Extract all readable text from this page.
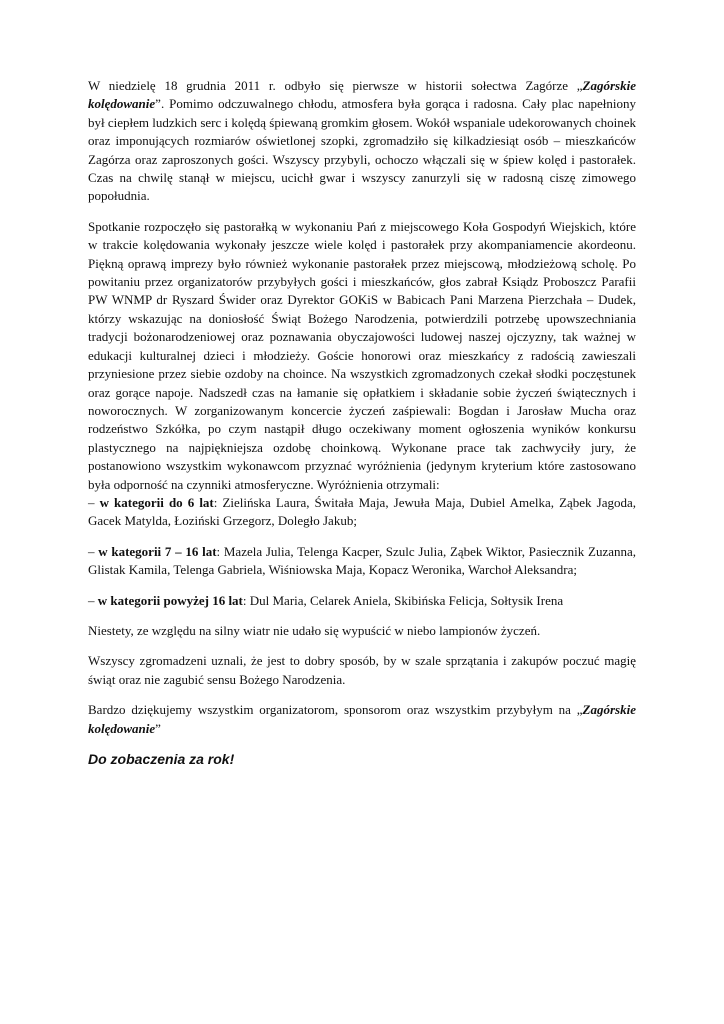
W niedzielę 18 grudnia 2011 r. odbyło się pierwsze w historii sołectwa Zagórze „Zagórskie kolędowanie”. Pomimo odczuwalnego chłodu, atmosfera była gorąca i radosna. Cały plac napełniony był ciepłem ludzkich serc i kolędą śpiewaną gromkim głosem. Wokół wspaniale udekorowanych choinek oraz imponujących rozmiarów oświetlonej szopki, zgromadziło się kilkadziesiąt osób – mieszkańców Zagórza oraz zaproszonych gości. Wszyscy przybyli, ochoczo włączali się w śpiew kolęd i pastorałek. Czas na chwilę stanął w miejscu, ucichł gwar i wszyscy zanurzyli się w radosną ciszę zimowego popołudnia.

Spotkanie rozpoczęło się pastorałką w wykonaniu Pań z miejscowego Koła Gospodyń Wiejskich, które w trakcie kolędowania wykonały jeszcze wiele kolęd i pastorałek przy akompaniamencie akordeonu. Piękną oprawą imprezy było również wykonanie pastorałek przez miejscową, młodzieżową scholę. Po powitaniu przez organizatorów przybyłych gości i mieszkańców, głos zabrał Ksiądz Proboszcz Parafii PW WNMP dr Ryszard Świder oraz Dyrektor GOKiS w Babicach Pani Marzena Pierzchała – Dudek, którzy wskazując na doniosłość Świąt Bożego Narodzenia, potwierdzili potrzebę upowszechniania tradycji bożonarodzeniowej oraz poznawania obyczajowości ludowej naszej ojczyzny, tak ważnej w edukacji kulturalnej dzieci i młodzieży. Goście honorowi oraz mieszkańcy z radością zawieszali przyniesione przez siebie ozdoby na choince. Na wszystkich zgromadzonych czekał słodki poczęstunek oraz gorące napoje. Nadszedł czas na łamanie się opłatkiem i składanie sobie życzeń świątecznych i noworocznych. W zorganizowanym koncercie życzeń zaśpiewali: Bogdan i Jarosław Mucha oraz rodzeństwo Szkółka, po czym nastąpił długo oczekiwany moment ogłoszenia wyników konkursu plastycznego na najpiękniejsza ozdobę choinkową. Wykonane prace tak zachwyciły jury, że postanowiono wszystkim wykonawcom przyznać wyróżnienia (jedynym kryterium które zastosowano była odporność na czynniki atmosferyczne. Wyróżnienia otrzymali:

– w kategorii do 6 lat: Zielińska Laura, Świtała Maja, Jewuła Maja, Dubiel Amelka, Ząbek Jagoda, Gacek Matylda, Łoziński Grzegorz, Doległo Jakub;

– w kategorii 7 – 16 lat: Mazela Julia, Telenga Kacper, Szulc Julia, Ząbek Wiktor, Pasiecznik Zuzanna, Glistak Kamila, Telenga Gabriela, Wiśniowska Maja, Kopacz Weronika, Warchoł Aleksandra;

– w kategorii powyżej 16 lat: Dul Maria, Celarek Aniela, Skibińska Felicja, Sołtysik Irena

Niestety, ze względu na silny wiatr nie udało się wypuścić w niebo lampionów życzeń.

Wszyscy zgromadzeni uznali, że jest to dobry sposób, by w szale sprzątania i zakupów poczuć magię świąt oraz nie zagubić sensu Bożego Narodzenia.

Bardzo dziękujemy wszystkim organizatorom, sponsorom oraz wszystkim przybyłym na „Zagórskie kolędowanie”

Do zobaczenia za rok!
